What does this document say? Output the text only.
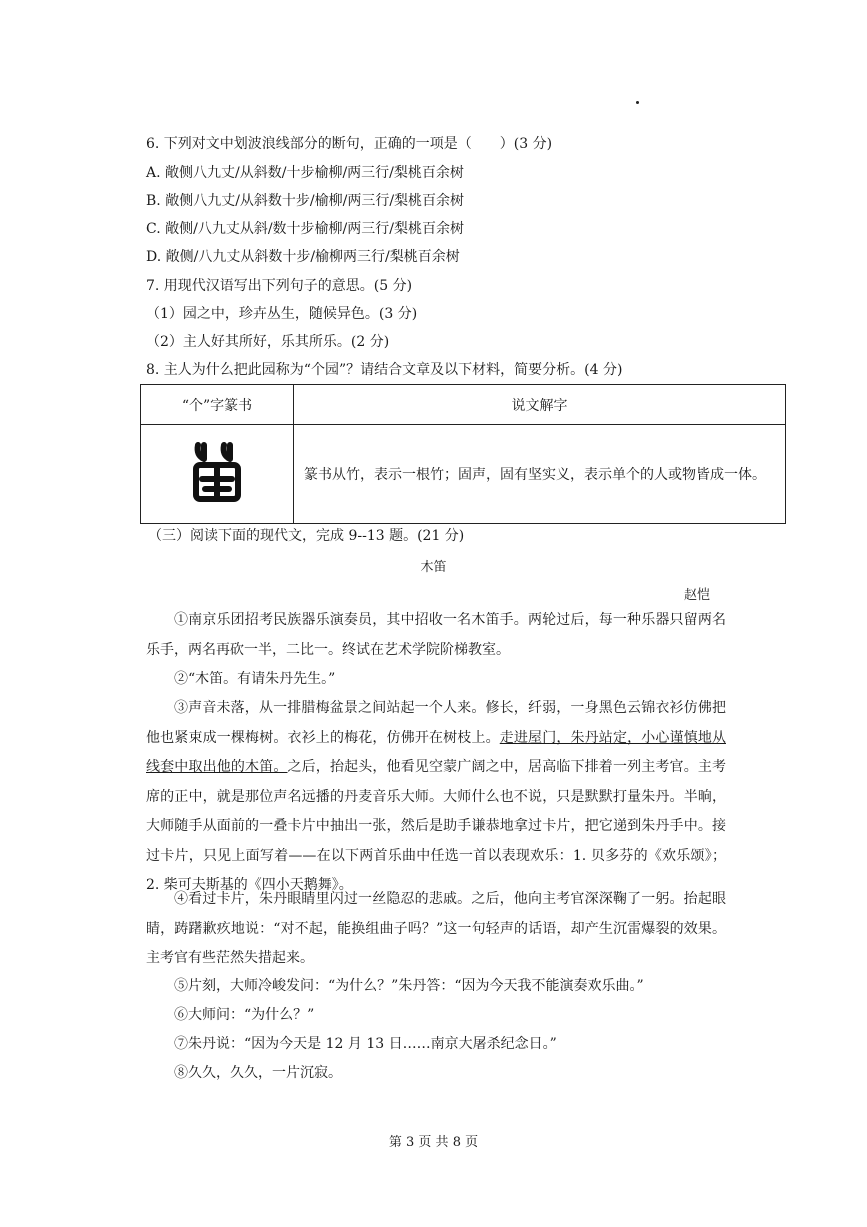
6. 下列对文中划波浪线部分的断句，正确的一项是（　　）(3 分)
A. 敞侧八九丈/从斜数/十步榆柳/两三行/梨桃百余树
B. 敞侧八九丈/从斜数十步/榆柳/两三行/梨桃百余树
C. 敞侧/八九丈从斜/数十步榆柳/两三行/梨桃百余树
D. 敞侧/八九丈从斜数十步/榆柳两三行/梨桃百余树
7. 用现代汉语写出下列句子的意思。(5 分)
（1）园之中，珍卉丛生，随候异色。(3 分)
（2）主人好其所好，乐其所乐。(2 分)
8. 主人为什么把此园称为“个园”？请结合文章及以下材料，简要分析。(4 分)
“个”字篆书	说文解字
	篆书从竹，表示一根竹；固声，固有坚实义，表示单个的人或物皆成一体。
（三）阅读下面的现代文，完成 9--13 题。(21 分)
木笛
赵恺
①南京乐团招考民族器乐演奏员，其中招收一名木笛手。两轮过后，每一种乐器只留两名乐手，两名再砍一半，二比一。终试在艺术学院阶梯教室。
②“木笛。有请朱丹先生。”
③声音未落，从一排腊梅盆景之间站起一个人来。修长，纤弱，一身黑色云锦衣衫仿佛把他也紧束成一棵梅树。衣衫上的梅花，仿佛开在树枝上。走进屋门，朱丹站定，小心谨慎地从线套中取出他的木笛。之后，抬起头，他看见空蒙广阔之中，居高临下排着一列主考官。主考席的正中，就是那位声名远播的丹麦音乐大师。大师什么也不说，只是默默打量朱丹。半晌，大师随手从面前的一叠卡片中抽出一张，然后是助手谦恭地拿过卡片，把它递到朱丹手中。接过卡片，只见上面写着——在以下两首乐曲中任选一首以表现欢乐：1. 贝多芬的《欢乐颂》；2. 柴可夫斯基的《四小天鹅舞》。
④看过卡片，朱丹眼睛里闪过一丝隐忍的悲戚。之后，他向主考官深深鞠了一躬。抬起眼睛，踌躇歉疚地说：“对不起，能换组曲子吗？”这一句轻声的话语，却产生沉雷爆裂的效果。主考官有些茫然失措起来。
⑤片刻，大师冷峻发问：“为什么？”朱丹答：“因为今天我不能演奏欢乐曲。”
⑥大师问：“为什么？”
⑦朱丹说：“因为今天是 12 月 13 日……南京大屠杀纪念日。”
⑧久久，久久，一片沉寂。
第 3 页 共 8 页
